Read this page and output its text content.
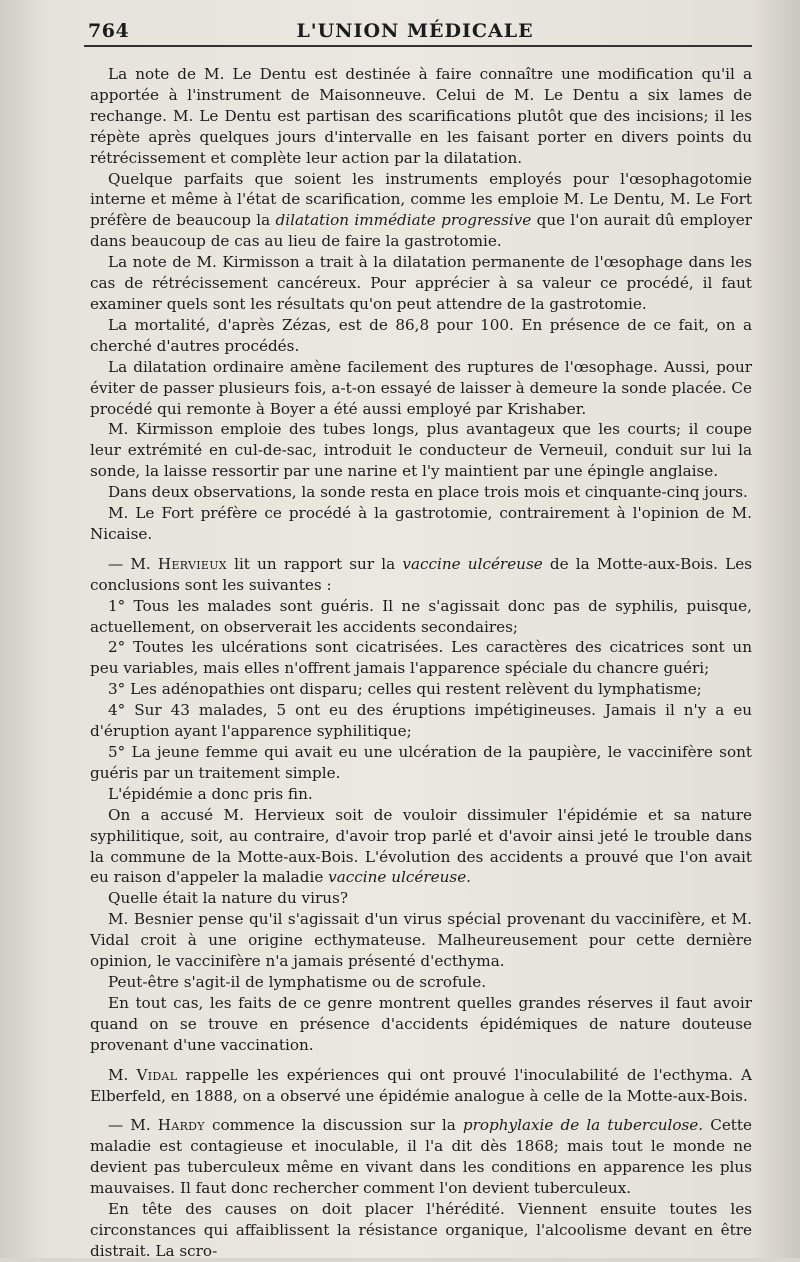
764	L'UNION MÉDICALE

La note de M. Le Dentu est destinée à faire connaître une modification qu'il a apportée à l'instrument de Maisonneuve. Celui de M. Le Dentu a six lames de rechange. M. Le Dentu est partisan des scarifications plutôt que des incisions; il les répète après quelques jours d'intervalle en les faisant porter en divers points du rétrécissement et complète leur action par la dilatation.

Quelque parfaits que soient les instruments employés pour l'œsophagotomie interne et même à l'état de scarification, comme les emploie M. Le Dentu, M. Le Fort préfère de beaucoup la dilatation immédiate progressive que l'on aurait dû employer dans beaucoup de cas au lieu de faire la gastrotomie.

La note de M. Kirmisson a trait à la dilatation permanente de l'œsophage dans les cas de rétrécissement cancéreux. Pour apprécier à sa valeur ce procédé, il faut examiner quels sont les résultats qu'on peut attendre de la gastrotomie.

La mortalité, d'après Zézas, est de 86,8 pour 100. En présence de ce fait, on a cherché d'autres procédés.

La dilatation ordinaire amène facilement des ruptures de l'œsophage. Aussi, pour éviter de passer plusieurs fois, a-t-on essayé de laisser à demeure la sonde placée. Ce procédé qui remonte à Boyer a été aussi employé par Krishaber.

M. Kirmisson emploie des tubes longs, plus avantageux que les courts; il coupe leur extrémité en cul-de-sac, introduit le conducteur de Verneuil, conduit sur lui la sonde, la laisse ressortir par une narine et l'y maintient par une épingle anglaise.

Dans deux observations, la sonde resta en place trois mois et cinquante-cinq jours.

M. Le Fort préfère ce procédé à la gastrotomie, contrairement à l'opinion de M. Nicaise.

— M. Hervieux lit un rapport sur la vaccine ulcéreuse de la Motte-aux-Bois. Les conclusions sont les suivantes :

1° Tous les malades sont guéris. Il ne s'agissait donc pas de syphilis, puisque, actuellement, on observerait les accidents secondaires;

2° Toutes les ulcérations sont cicatrisées. Les caractères des cicatrices sont un peu variables, mais elles n'offrent jamais l'apparence spéciale du chancre guéri;

3° Les adénopathies ont disparu; celles qui restent relèvent du lymphatisme;

4° Sur 43 malades, 5 ont eu des éruptions impétigineuses. Jamais il n'y a eu d'éruption ayant l'apparence syphilitique;

5° La jeune femme qui avait eu une ulcération de la paupière, le vaccinifère sont guéris par un traitement simple.

L'épidémie a donc pris fin.

On a accusé M. Hervieux soit de vouloir dissimuler l'épidémie et sa nature syphilitique, soit, au contraire, d'avoir trop parlé et d'avoir ainsi jeté le trouble dans la commune de la Motte-aux-Bois. L'évolution des accidents a prouvé que l'on avait eu raison d'appeler la maladie vaccine ulcéreuse.

Quelle était la nature du virus?

M. Besnier pense qu'il s'agissait d'un virus spécial provenant du vaccinifère, et M. Vidal croit à une origine ecthymateuse. Malheureusement pour cette dernière opinion, le vaccinifère n'a jamais présenté d'ecthyma.

Peut-être s'agit-il de lymphatisme ou de scrofule.

En tout cas, les faits de ce genre montrent quelles grandes réserves il faut avoir quand on se trouve en présence d'accidents épidémiques de nature douteuse provenant d'une vaccination.

M. Vidal rappelle les expériences qui ont prouvé l'inoculabilité de l'ecthyma. A Elberfeld, en 1888, on a observé une épidémie analogue à celle de la Motte-aux-Bois.

— M. Hardy commence la discussion sur la prophylaxie de la tuberculose. Cette maladie est contagieuse et inoculable, il l'a dit dès 1868; mais tout le monde ne devient pas tuberculeux même en vivant dans les conditions en apparence les plus mauvaises. Il faut donc rechercher comment l'on devient tuberculeux.

En tête des causes on doit placer l'hérédité. Viennent ensuite toutes les circonstances qui affaiblissent la résistance organique, l'alcoolisme devant en être distrait. La scro-
